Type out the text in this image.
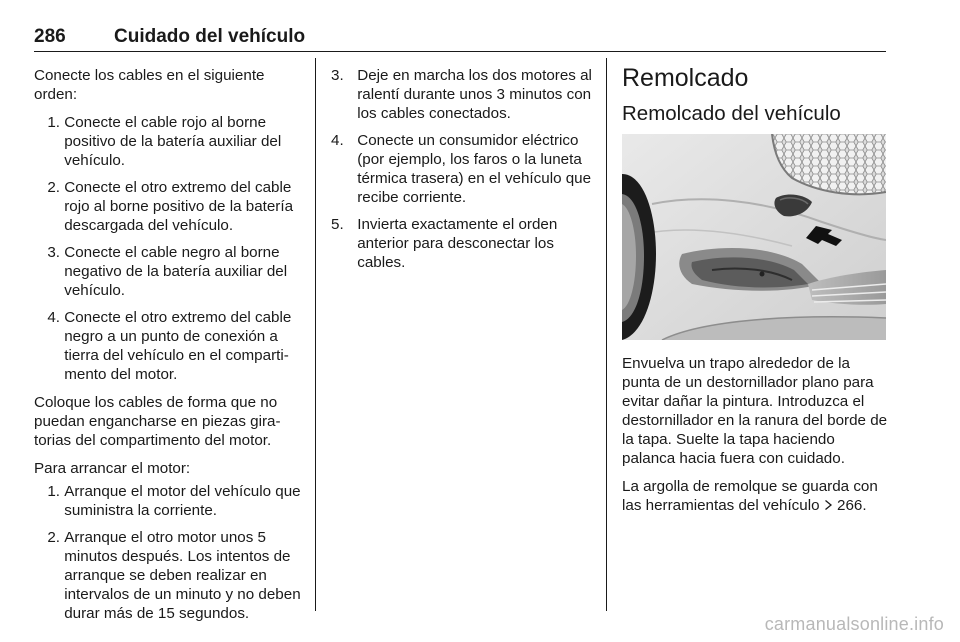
286	Cuidado del vehículo

Conecte los cables en el siguiente orden:

1.
Conecte el cable rojo al borne positivo de la batería auxiliar del vehículo.
2.
Conecte el otro extremo del cable rojo al borne positivo de la batería descargada del vehículo.
3.
Conecte el cable negro al borne negativo de la batería auxiliar del vehículo.
4.
Conecte el otro extremo del cable negro a un punto de conexión a tierra del vehículo en el comparti‐ mento del motor.

Coloque los cables de forma que no puedan engancharse en piezas gira‐ torias del compartimento del motor.

Para arrancar el motor:

1.
Arranque el motor del vehículo que suministra la corriente.
2.
Arranque el otro motor unos 5 minutos después. Los intentos de arranque se deben realizar en intervalos de un minuto y no deben durar más de 15 segundos.
3.
Deje en marcha los dos motores al ralentí durante unos 3 minutos con los cables conectados.
4.
Conecte un consumidor eléctrico (por ejemplo, los faros o la luneta térmica trasera) en el vehículo que recibe corriente.
5.
Invierta exactamente el orden anterior para desconectar los cables.
Remolcado
Remolcado del vehículo

Envuelva un trapo alrededor de la punta de un destornillador plano para evitar dañar la pintura. Introduzca el destornillador en la ranura del borde de la tapa. Suelte la tapa haciendo palanca hacia fuera con cuidado.

La argolla de remolque se guarda con las herramientas del vehículo 266.

carmanualsonline.info
